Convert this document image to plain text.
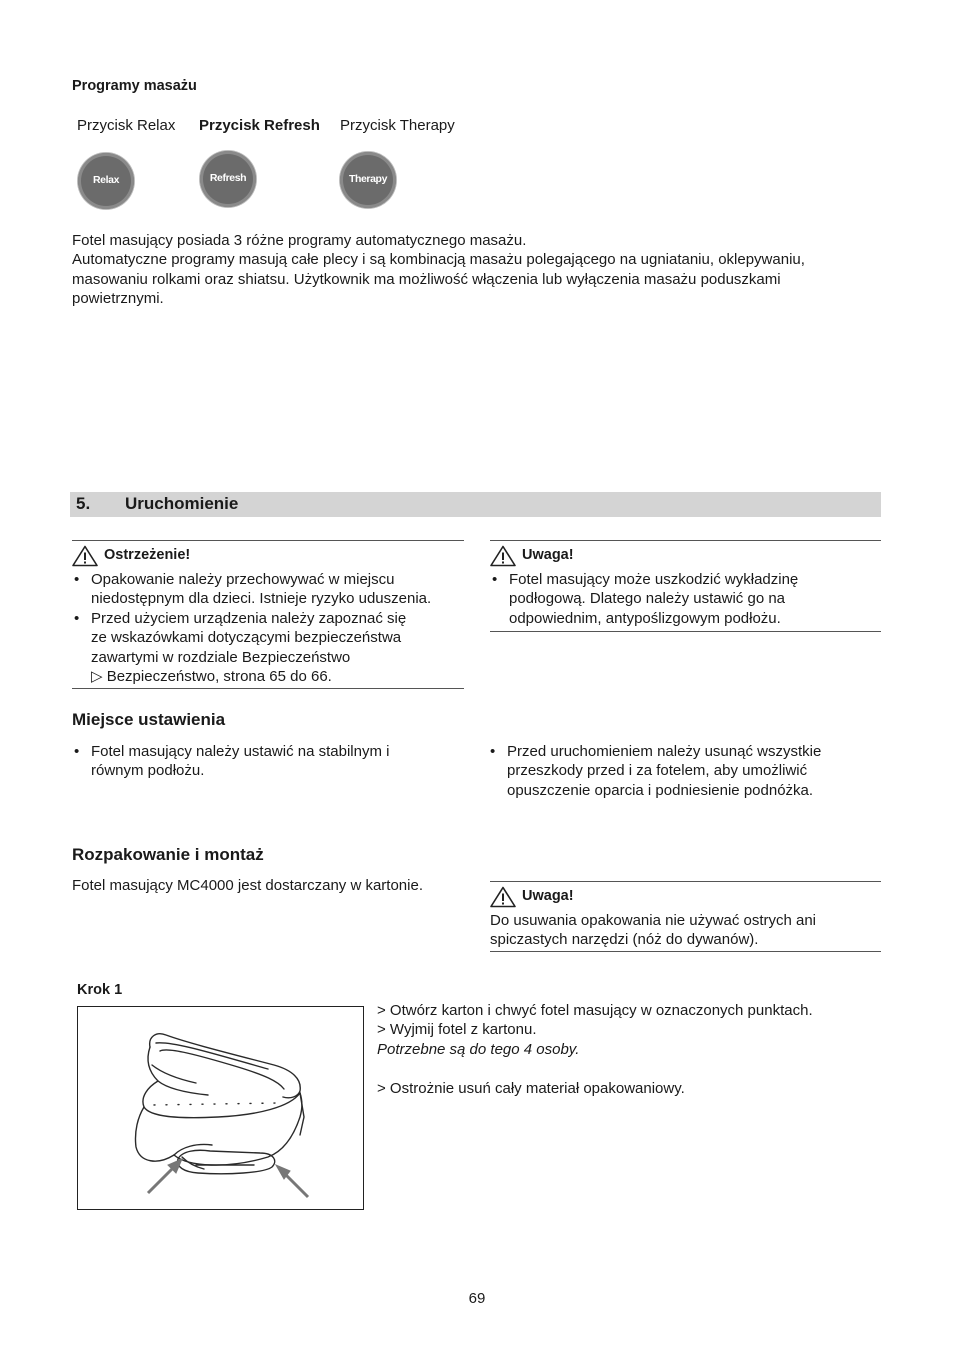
Programy masażu
Przycisk Relax Przycisk Refresh Przycisk Therapy
Relax	Refresh	Therapy
Fotel masujący posiada 3 różne programy automatycznego masażu.
Automatyczne programy masują całe plecy i są kombinacją masażu polegającego na ugniataniu, oklepywaniu,
masowaniu rolkami oraz shiatsu. Użytkownik ma możliwość włączenia lub wyłączenia masażu poduszkami
powietrznymi.
5. Uruchomienie
Ostrzeżenie!
• Opakowanie należy przechowywać w miejscu
niedostępnym dla dzieci. Istnieje ryzyko uduszenia.
• Przed użyciem urządzenia należy zapoznać się
ze wskazówkami dotyczącymi bezpieczeństwa
zawartymi w rozdziale Bezpieczeństwo
▷ Bezpieczeństwo, strona 65 do 66.
Uwaga!
• Fotel masujący może uszkodzić wykładzinę
podłogową. Dlatego należy ustawić go na
odpowiednim, antypoślizgowym podłożu.
Miejsce ustawienia
• Fotel masujący należy ustawić na stabilnym i
równym podłożu.
• Przed uruchomieniem należy usunąć wszystkie
przeszkody przed i za fotelem, aby umożliwić
opuszczenie oparcia i podniesienie podnóżka.
Rozpakowanie i montaż
Fotel masujący MC4000 jest dostarczany w kartonie.
Uwaga!
Do usuwania opakowania nie używać ostrych ani
spiczastych narzędzi (nóż do dywanów).
Krok 1
> Otwórz karton i chwyć fotel masujący w oznaczonych punktach.
> Wyjmij fotel z kartonu.
Potrzebne są do tego 4 osoby.
> Ostrożnie usuń cały materiał opakowaniowy.
69
